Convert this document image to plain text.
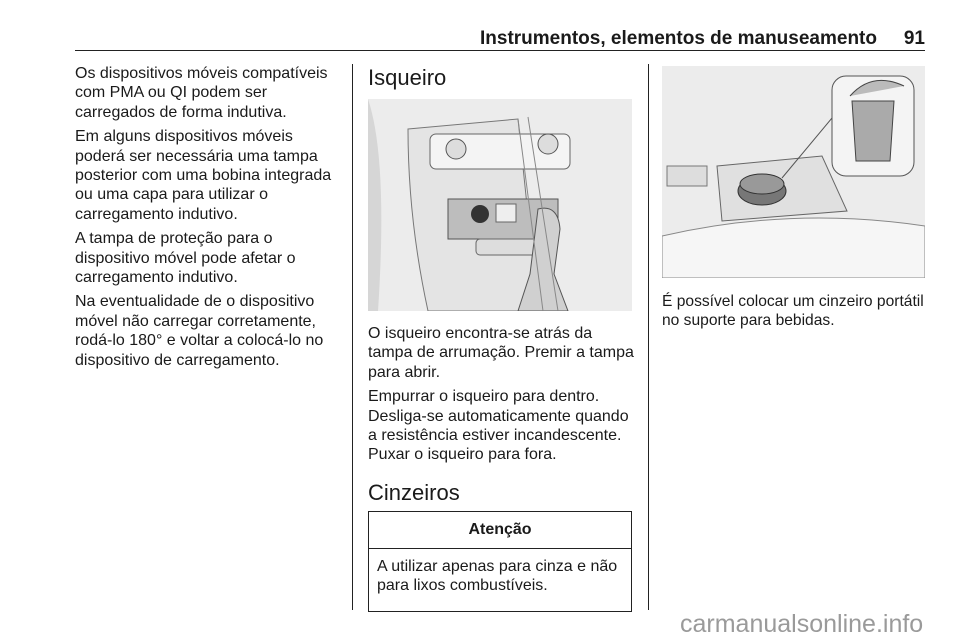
Instrumentos, elementos de manuseamento 91

Os dispositivos móveis compatíveis
com PMA ou QI podem ser
carregados de forma indutiva.

Em alguns dispositivos móveis
poderá ser necessária uma tampa
posterior com uma bobina integrada
ou uma capa para utilizar o
carregamento indutivo.

A tampa de proteção para o
dispositivo móvel pode afetar o
carregamento indutivo.

Na eventualidade de o dispositivo
móvel não carregar corretamente,
rodá-lo 180° e voltar a colocá-lo no
dispositivo de carregamento.

Isqueiro

O isqueiro encontra-se atrás da
tampa de arrumação. Premir a tampa
para abrir.

Empurrar o isqueiro para dentro.
Desliga-se automaticamente quando
a resistência estiver incandescente.
Puxar o isqueiro para fora.

Cinzeiros
Atenção

A utilizar apenas para cinza e não
para lixos combustíveis.

É possível colocar um cinzeiro portátil
no suporte para bebidas.

carmanualsonline.info
